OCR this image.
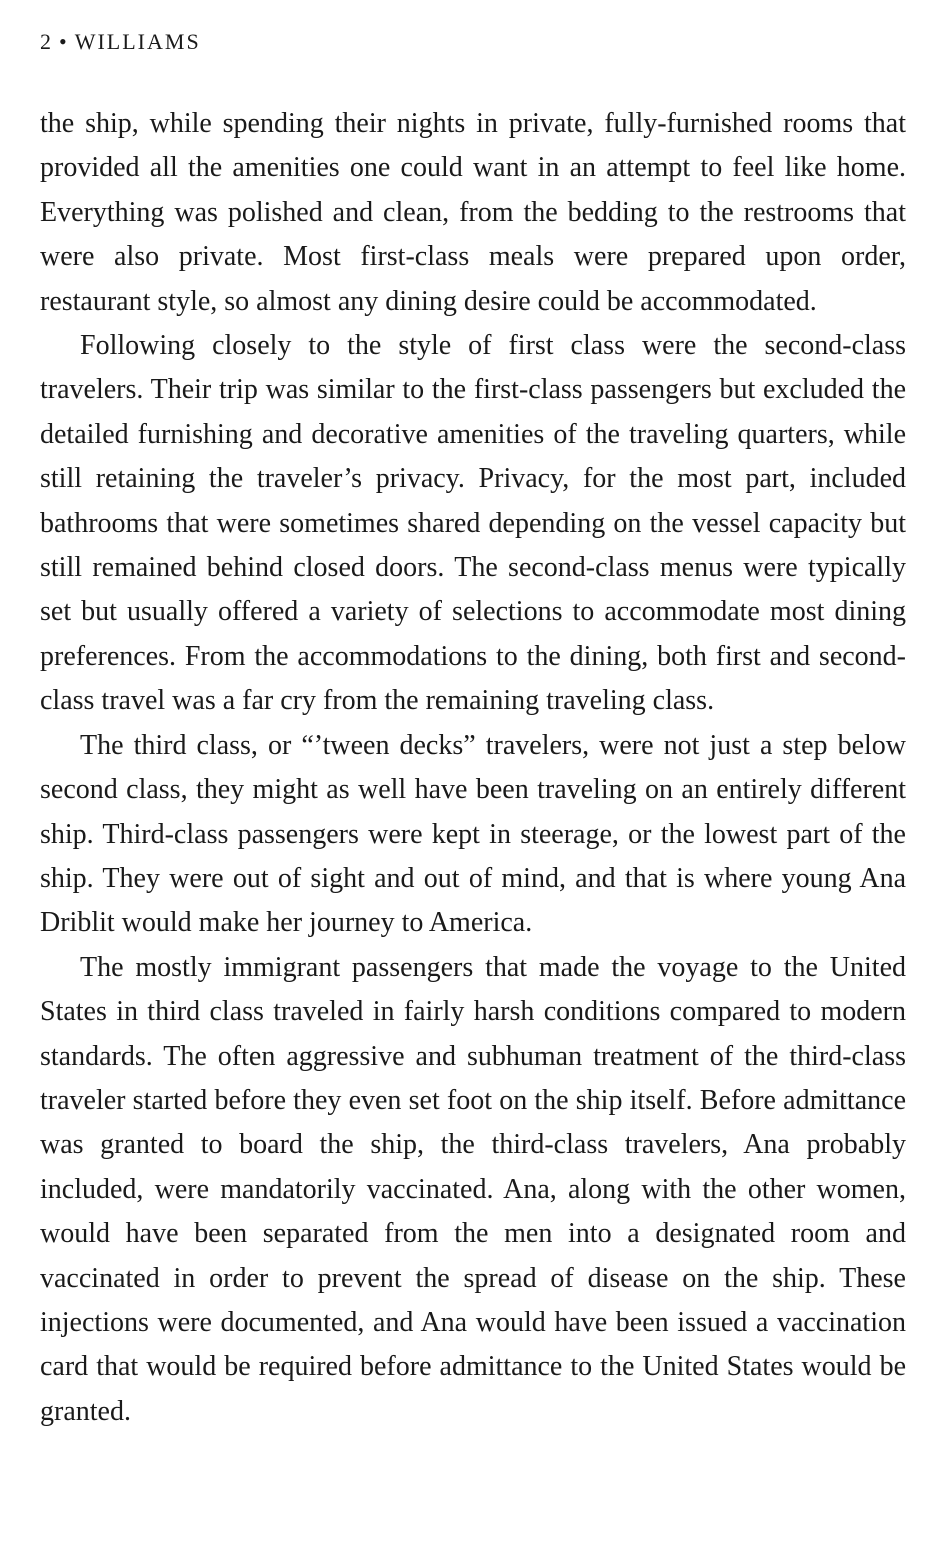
2 • WILLIAMS

the ship, while spending their nights in private, fully-furnished rooms that provided all the amenities one could want in an attempt to feel like home. Everything was polished and clean, from the bedding to the restrooms that were also private. Most first-class meals were prepared upon order, restaurant style, so almost any dining desire could be accommodated.

Following closely to the style of first class were the second-class travelers. Their trip was similar to the first-class passengers but excluded the detailed furnishing and decorative amenities of the traveling quarters, while still retaining the traveler’s privacy. Privacy, for the most part, included bathrooms that were sometimes shared depending on the vessel capacity but still remained behind closed doors. The second-class menus were typically set but usually offered a variety of selections to accommodate most dining preferences. From the accommodations to the dining, both first and second-class travel was a far cry from the remaining traveling class.

The third class, or “’tween decks” travelers, were not just a step below second class, they might as well have been traveling on an entirely different ship. Third-class passengers were kept in steerage, or the lowest part of the ship. They were out of sight and out of mind, and that is where young Ana Driblit would make her journey to America.

The mostly immigrant passengers that made the voyage to the United States in third class traveled in fairly harsh conditions compared to modern standards. The often aggressive and subhuman treatment of the third-class traveler started before they even set foot on the ship itself. Before admittance was granted to board the ship, the third-class travelers, Ana probably included, were mandatorily vaccinated. Ana, along with the other women, would have been separated from the men into a designated room and vaccinated in order to prevent the spread of disease on the ship. These injections were documented, and Ana would have been issued a vaccination card that would be required before admittance to the United States would be granted.
